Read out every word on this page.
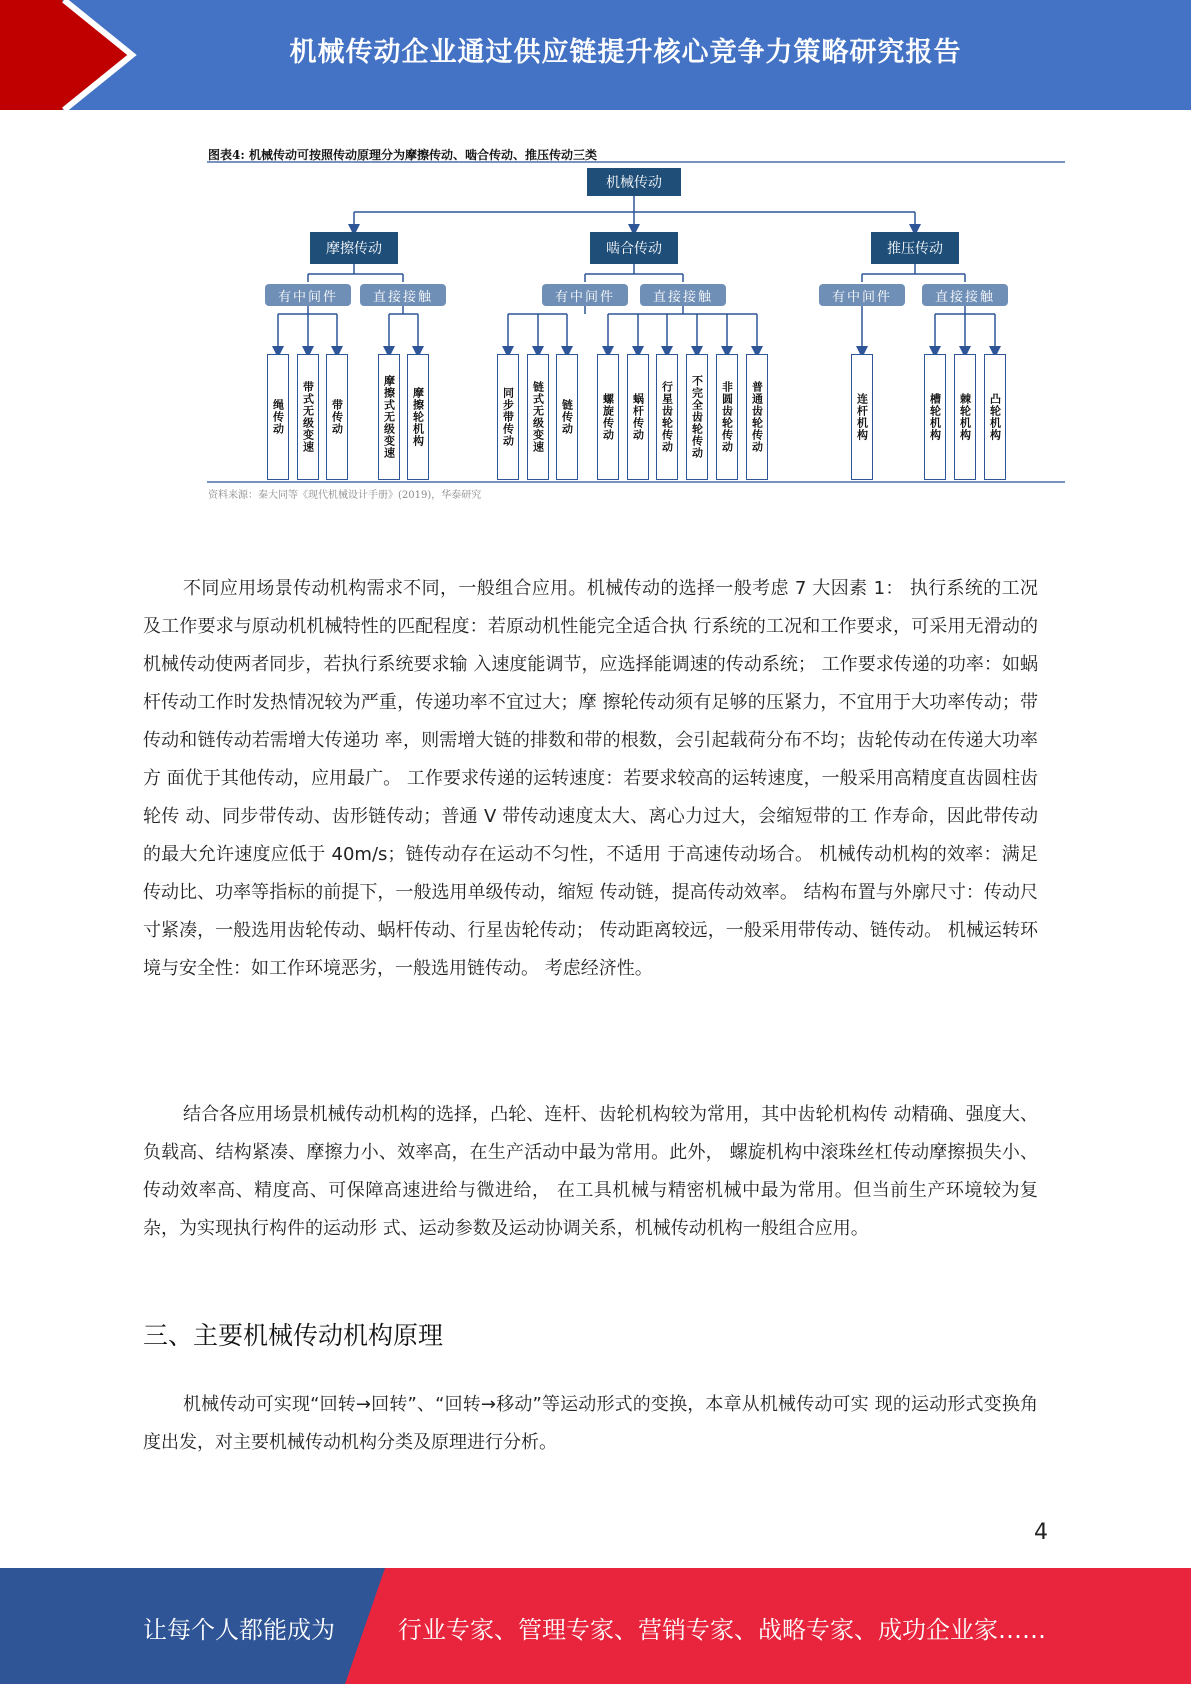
机械传动企业通过供应链提升核心竞争力策略研究报告
图表4: 机械传动可按照传动原理分为摩擦传动、啮合传动、推压传动三类
机械传动
摩擦传动	啮合传动	推压传动
有中间件	直接接触	有中间件	直接接触	有中间件	直接接触
绳传动	带式无级变速	带传动	摩擦式无级变速	摩擦轮机构	同步带传动	链式无级变速	链传动	螺旋传动	蜗杆传动	行星齿轮传动	不完全齿轮传动	非圆齿轮传动	普通齿轮传动	连杆机构	槽轮机构	棘轮机构	凸轮机构
资料来源：秦大同等《现代机械设计手册》(2019)，华泰研究
不同应用场景传动机构需求不同，一般组合应用。机械传动的选择一般考虑 7 大因素 1： 执行系统的工况及工作要求与原动机机械特性的匹配程度：若原动机性能完全适合执 行系统的工况和工作要求，可采用无滑动的机械传动使两者同步，若执行系统要求输 入速度能调节，应选择能调速的传动系统； 工作要求传递的功率：如蜗杆传动工作时发热情况较为严重，传递功率不宜过大；摩 擦轮传动须有足够的压紧力，不宜用于大功率传动；带传动和链传动若需增大传递功 率，则需增大链的排数和带的根数，会引起载荷分布不均；齿轮传动在传递大功率方 面优于其他传动，应用最广。 工作要求传递的运转速度：若要求较高的运转速度，一般采用高精度直齿圆柱齿轮传 动、同步带传动、齿形链传动；普通 V 带传动速度太大、离心力过大，会缩短带的工 作寿命，因此带传动的最大允许速度应低于 40m/s；链传动存在运动不匀性，不适用 于高速传动场合。 机械传动机构的效率：满足传动比、功率等指标的前提下，一般选用单级传动，缩短 传动链，提高传动效率。 结构布置与外廓尺寸：传动尺寸紧凑，一般选用齿轮传动、蜗杆传动、行星齿轮传动； 传动距离较远，一般采用带传动、链传动。 机械运转环境与安全性：如工作环境恶劣，一般选用链传动。 考虑经济性。
结合各应用场景机械传动机构的选择，凸轮、连杆、齿轮机构较为常用，其中齿轮机构传 动精确、强度大、负载高、结构紧凑、摩擦力小、效率高，在生产活动中最为常用。此外， 螺旋机构中滚珠丝杠传动摩擦损失小、传动效率高、精度高、可保障高速进给与微进给， 在工具机械与精密机械中最为常用。但当前生产环境较为复杂，为实现执行构件的运动形 式、运动参数及运动协调关系，机械传动机构一般组合应用。
三、主要机械传动机构原理
机械传动可实现“回转→回转”、“回转→移动”等运动形式的变换，本章从机械传动可实 现的运动形式变换角度出发，对主要机械传动机构分类及原理进行分析。
4
让每个人都能成为	行业专家、管理专家、营销专家、战略专家、成功企业家……
